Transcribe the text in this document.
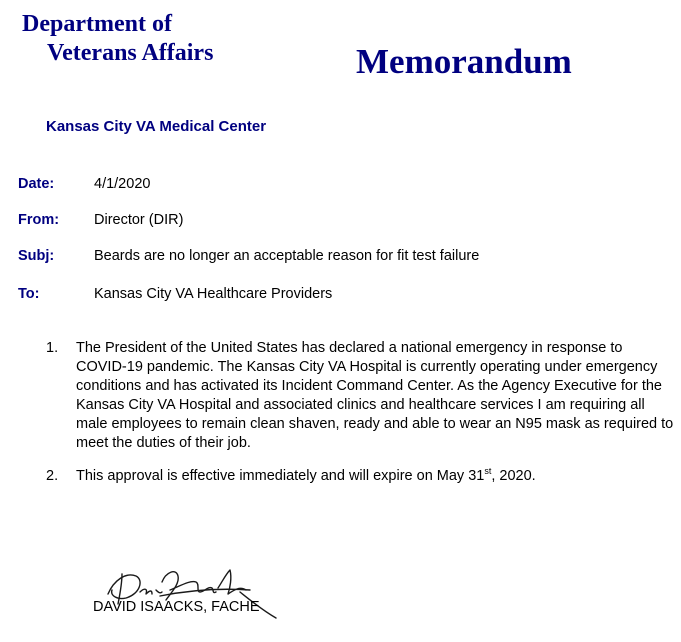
Department of
Veterans Affairs	Memorandum
Kansas City VA Medical Center
Date:	4/1/2020
From: Director (DIR)
Subj:	Beards are no longer an acceptable reason for fit test failure
To:	Kansas City VA Healthcare Providers
1. The President of the United States has declared a national emergency in response to COVID-19 pandemic. The Kansas City VA Hospital is currently operating under emergency conditions and has activated its Incident Command Center. As the Agency Executive for the Kansas City VA Hospital and associated clinics and healthcare services I am requiring all male employees to remain clean shaven, ready and able to wear an N95 mask as required to meet the duties of their job.
2. This approval is effective immediately and will expire on May 31st, 2020.
DAVID ISAACKS, FACHE
